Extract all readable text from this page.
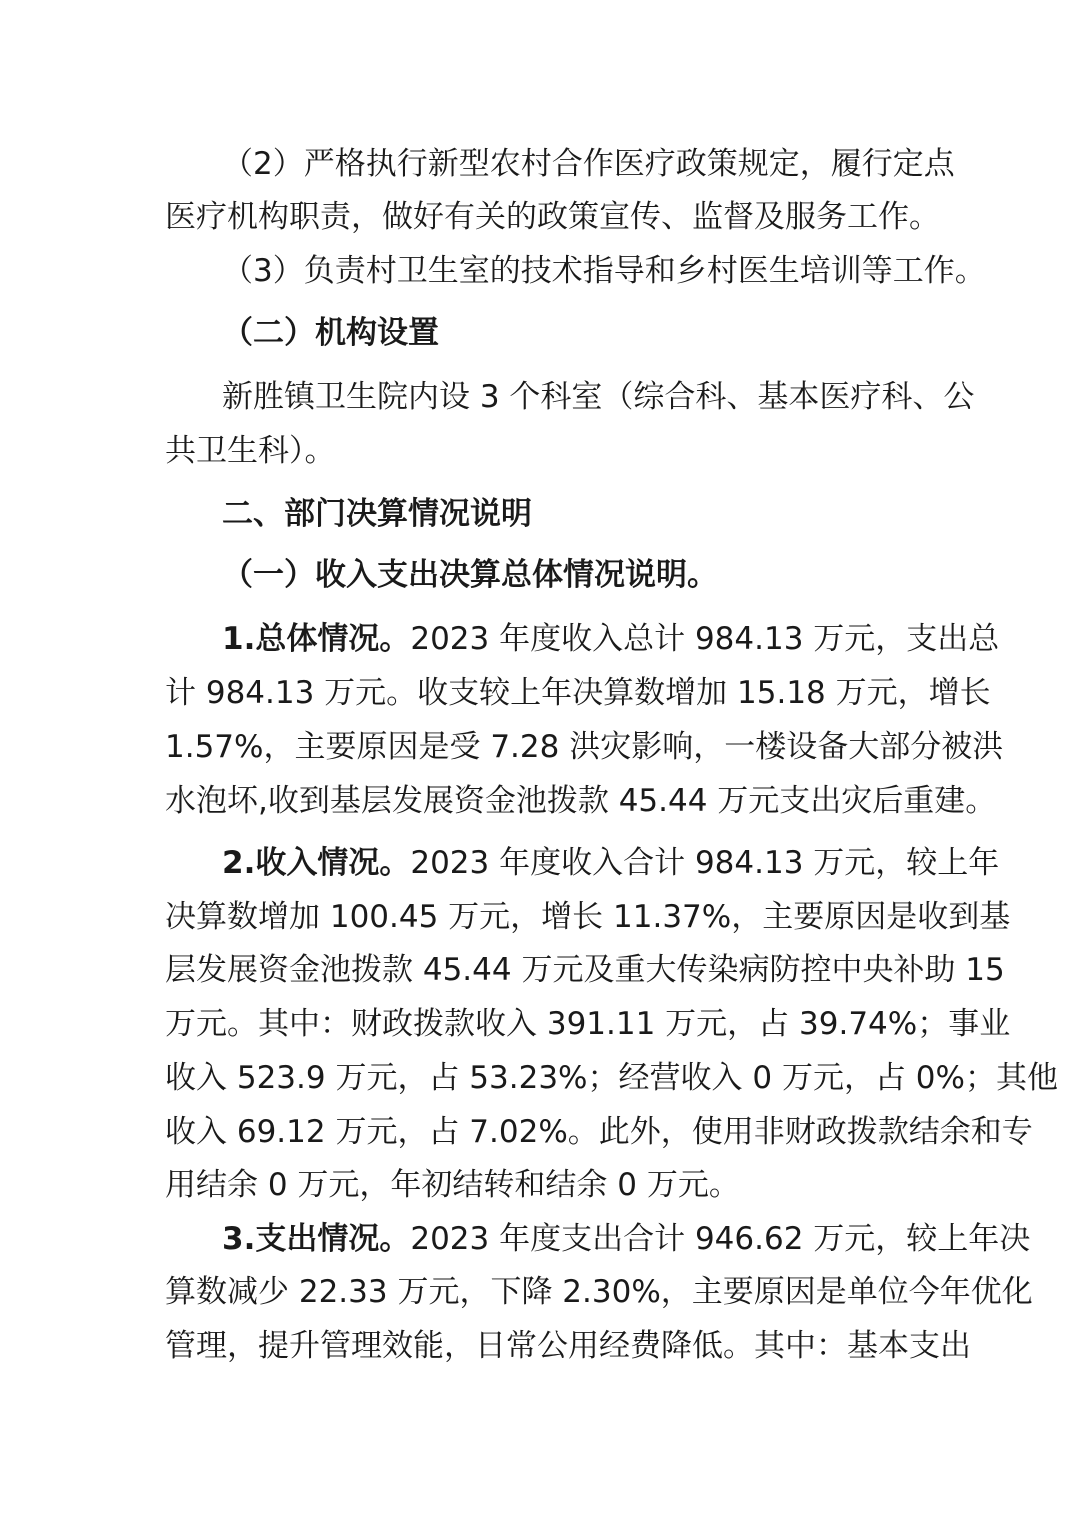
（2）严格执行新型农村合作医疗政策规定，履行定点
医疗机构职责，做好有关的政策宣传、监督及服务工作。
（3）负责村卫生室的技术指导和乡村医生培训等工作。
（二）机构设置
新胜镇卫生院内设 3 个科室（综合科、基本医疗科、公
共卫生科）。
二、部门决算情况说明
（一）收入支出决算总体情况说明。
1.总体情况。2023 年度收入总计 984.13 万元，支出总
计 984.13 万元。收支较上年决算数增加 15.18 万元，增长
1.57%，主要原因是受 7.28 洪灾影响，一楼设备大部分被洪
水泡坏,收到基层发展资金池拨款 45.44 万元支出灾后重建。
2.收入情况。2023 年度收入合计 984.13 万元，较上年
决算数增加 100.45 万元，增长 11.37%，主要原因是收到基
层发展资金池拨款 45.44 万元及重大传染病防控中央补助 15
万元。其中：财政拨款收入 391.11 万元，占 39.74%；事业
收入 523.9 万元，占 53.23%；经营收入 0 万元，占 0%；其他
收入 69.12 万元，占 7.02%。此外，使用非财政拨款结余和专
用结余 0 万元，年初结转和结余 0 万元。
3.支出情况。2023 年度支出合计 946.62 万元，较上年决
算数减少 22.33 万元，下降 2.30%，主要原因是单位今年优化
管理，提升管理效能，日常公用经费降低。其中：基本支出
